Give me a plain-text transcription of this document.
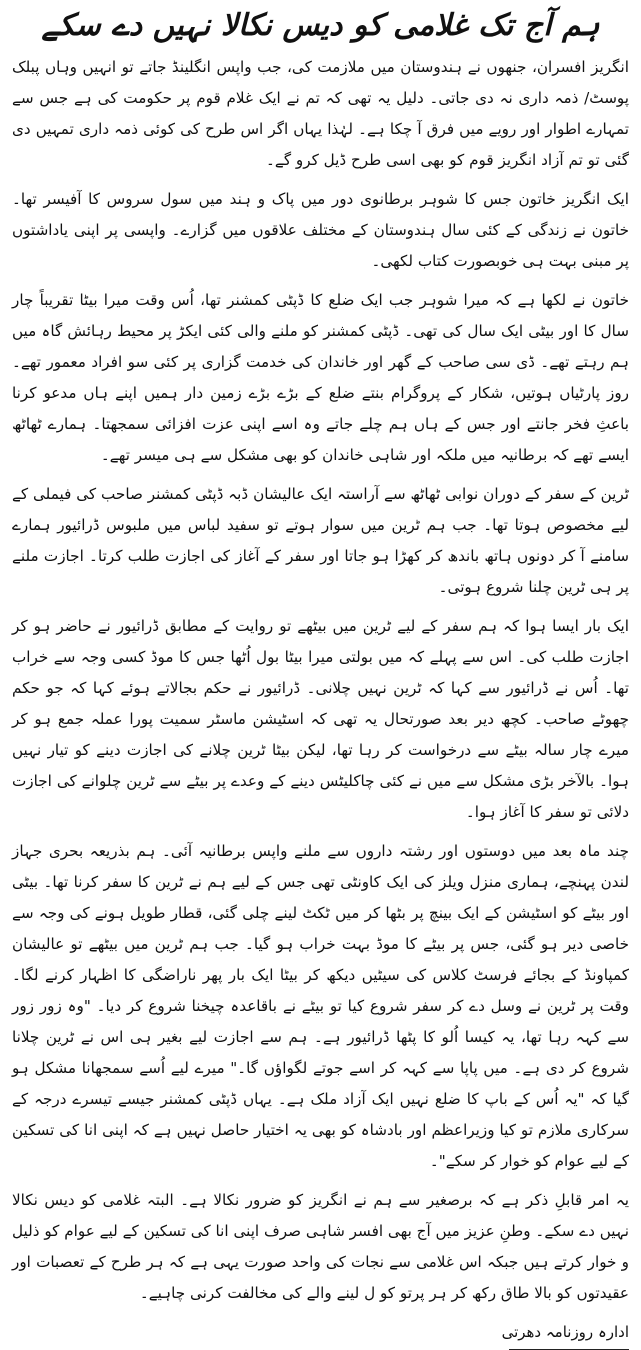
ہم آج تک غلامی کو دیس نکالا نہیں دے سکے

انگریز افسران، جنھوں نے ہندوستان میں ملازمت کی، جب واپس انگلینڈ جاتے تو انہیں وہاں پبلک پوسٹ/ ذمہ داری نہ دی جاتی۔ دلیل یہ تھی کہ تم نے ایک غلام قوم پر حکومت کی ہے جس سے تمہارے اطوار اور رویے میں فرق آ چکا ہے۔ لہٰذا یہاں اگر اس طرح کی کوئی ذمہ داری تمہیں دی گئی تو تم آزاد انگریز قوم کو بھی اسی طرح ڈیل کرو گے۔

ایک انگریز خاتون جس کا شوہر برطانوی دور میں پاک و ہند میں سول سروس کا آفیسر تھا۔ خاتون نے زندگی کے کئی سال ہندوستان کے مختلف علاقوں میں گزارے۔ واپسی پر اپنی یاداشتوں پر مبنی بہت ہی خوبصورت کتاب لکھی۔

خاتون نے لکھا ہے کہ میرا شوہر جب ایک ضلع کا ڈپٹی کمشنر تھا، اُس وقت میرا بیٹا تقریباً چار سال کا اور بیٹی ایک سال کی تھی۔ ڈپٹی کمشنر کو ملنے والی کئی ایکڑ پر محیط رہائش گاہ میں ہم رہتے تھے۔ ڈی سی صاحب کے گھر اور خاندان کی خدمت گزاری پر کئی سو افراد معمور تھے۔ روز پارٹیاں ہوتیں، شکار کے پروگرام بنتے ضلع کے بڑے بڑے زمین دار ہمیں اپنے ہاں مدعو کرنا باعثِ فخر جانتے اور جس کے ہاں ہم چلے جاتے وہ اسے اپنی عزت افزائی سمجھتا۔ ہمارے ٹھاٹھ ایسے تھے کہ برطانیہ میں ملکہ اور شاہی خاندان کو بھی مشکل سے ہی میسر تھے۔

ٹرین کے سفر کے دوران نوابی ٹھاٹھ سے آراستہ ایک عالیشان ڈبہ ڈپٹی کمشنر صاحب کی فیملی کے لیے مخصوص ہوتا تھا۔ جب ہم ٹرین میں سوار ہوتے تو سفید لباس میں ملبوس ڈرائیور ہمارے سامنے آ کر دونوں ہاتھ باندھ کر کھڑا ہو جاتا اور سفر کے آغاز کی اجازت طلب کرتا۔ اجازت ملنے پر ہی ٹرین چلنا شروع ہوتی۔

ایک بار ایسا ہوا کہ ہم سفر کے لیے ٹرین میں بیٹھے تو روایت کے مطابق ڈرائیور نے حاضر ہو کر اجازت طلب کی۔ اس سے پہلے کہ میں بولتی میرا بیٹا بول اُٹھا جس کا موڈ کسی وجہ سے خراب تھا۔ اُس نے ڈرائیور سے کہا کہ ٹرین نہیں چلانی۔ ڈرائیور نے حکم بجالاتے ہوئے کہا کہ جو حکم چھوٹے صاحب۔ کچھ دیر بعد صورتحال یہ تھی کہ اسٹیشن ماسٹر سمیت پورا عملہ جمع ہو کر میرے چار سالہ بیٹے سے درخواست کر رہا تھا، لیکن بیٹا ٹرین چلانے کی اجازت دینے کو تیار نہیں ہوا۔ بالآخر بڑی مشکل سے میں نے کئی چاکلیٹس دینے کے وعدے پر بیٹے سے ٹرین چلوانے کی اجازت دلائی تو سفر کا آغاز ہوا۔

چند ماہ بعد میں دوستوں اور رشتہ داروں سے ملنے واپس برطانیہ آئی۔ ہم بذریعہ بحری جہاز لندن پہنچے، ہماری منزل ویلز کی ایک کاونٹی تھی جس کے لیے ہم نے ٹرین کا سفر کرنا تھا۔ بیٹی اور بیٹے کو اسٹیشن کے ایک بینچ پر بٹھا کر میں ٹکٹ لینے چلی گئی، قطار طویل ہونے کی وجہ سے خاصی دیر ہو گئی، جس پر بیٹے کا موڈ بہت خراب ہو گیا۔ جب ہم ٹرین میں بیٹھے تو عالیشان کمپاونڈ کے بجائے فرسٹ کلاس کی سیٹیں دیکھ کر بیٹا ایک بار پھر ناراضگی کا اظہار کرنے لگا۔ وقت پر ٹرین نے وسل دے کر سفر شروع کیا تو بیٹے نے باقاعدہ چیخنا شروع کر دیا۔ "وہ زور زور سے کہہ رہا تھا، یہ کیسا اُلو کا پٹھا ڈرائیور ہے۔ ہم سے اجازت لیے بغیر ہی اس نے ٹرین چلانا شروع کر دی ہے۔ میں پاپا سے کہہ کر اسے جوتے لگواؤں گا۔" میرے لیے اُسے سمجھانا مشکل ہو گیا کہ "یہ اُس کے باپ کا ضلع نہیں ایک آزاد ملک ہے۔ یہاں ڈپٹی کمشنر جیسے تیسرے درجہ کے سرکاری ملازم تو کیا وزیراعظم اور بادشاہ کو بھی یہ اختیار حاصل نہیں ہے کہ اپنی انا کی تسکین کے لیے عوام کو خوار کر سکے"۔

یہ امر قابلِ ذکر ہے کہ برصغیر سے ہم نے انگریز کو ضرور نکالا ہے۔ البتہ غلامی کو دیس نکالا نہیں دے سکے۔ وطنِ عزیز میں آج بھی افسر شاہی صرف اپنی انا کی تسکین کے لیے عوام کو ذلیل و خوار کرتے ہیں جبکہ اس غلامی سے نجات کی واحد صورت یہی ہے کہ ہر طرح کے تعصبات اور عقیدتوں کو بالا طاق رکھ کر ہر پرتو کو ل لینے والے کی مخالفت کرنی چاہیے۔

ادارہ روزنامہ دھرتی
